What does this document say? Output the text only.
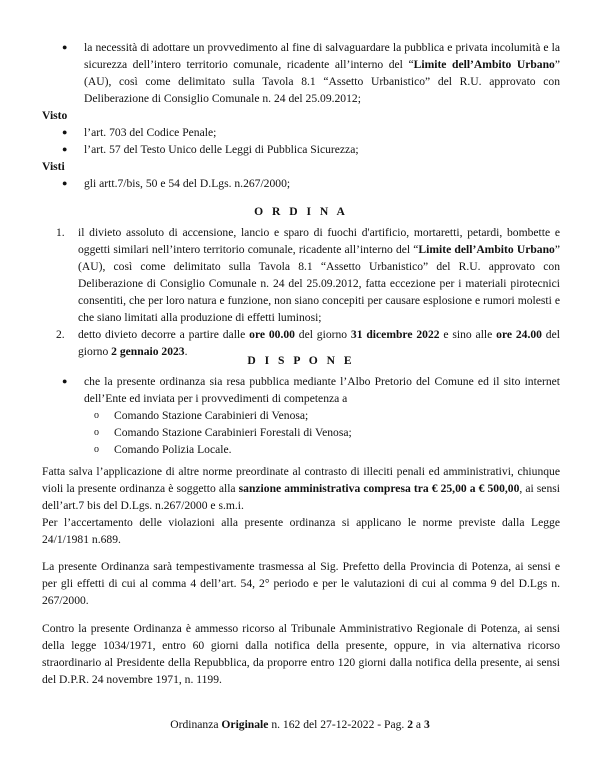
●	la necessità di adottare un provvedimento al fine di salvaguardare la pubblica e privata incolumità e la sicurezza dell’intero territorio comunale, ricadente all’interno del “Limite dell’Ambito Urbano” (AU), così come delimitato sulla Tavola 8.1 “Assetto Urbanistico” del R.U. approvato con Deliberazione di Consiglio Comunale n. 24 del 25.09.2012;
Visto
●	l’art. 703 del Codice Penale;
●	l’art. 57 del Testo Unico delle Leggi di Pubblica Sicurezza;
Visti
●	gli artt.7/bis, 50 e 54 del D.Lgs. n.267/2000;
O R D I N A
1.	il divieto assoluto di accensione, lancio e sparo di fuochi d'artificio, mortaretti, petardi, bombette e oggetti similari nell’intero territorio comunale, ricadente all’interno del “Limite dell’Ambito Urbano” (AU), così come delimitato sulla Tavola 8.1 “Assetto Urbanistico” del R.U. approvato con Deliberazione di Consiglio Comunale n. 24 del 25.09.2012, fatta eccezione per i materiali pirotecnici consentiti, che per loro natura e funzione, non siano concepiti per causare esplosione e rumori molesti e che siano limitati alla produzione di effetti luminosi;
2.	detto divieto decorre a partire dalle ore 00.00 del giorno 31 dicembre 2022 e sino alle ore 24.00 del giorno 2 gennaio 2023.
D I S P O N E
●	che la presente ordinanza sia resa pubblica mediante l’Albo Pretorio del Comune ed il sito internet dell’Ente ed inviata per i provvedimenti di competenza a
o	Comando Stazione Carabinieri di Venosa;
o	Comando Stazione Carabinieri Forestali di Venosa;
o	Comando Polizia Locale.
Fatta salva l’applicazione di altre norme preordinate al contrasto di illeciti penali ed amministrativi, chiunque violi la presente ordinanza è soggetto alla sanzione amministrativa compresa tra € 25,00 a € 500,00, ai sensi dell’art.7 bis del D.Lgs. n.267/2000 e s.m.i.
Per l’accertamento delle violazioni alla presente ordinanza si applicano le norme previste dalla Legge 24/1/1981 n.689.
La presente Ordinanza sarà tempestivamente trasmessa al Sig. Prefetto della Provincia di Potenza, ai sensi e per gli effetti di cui al comma 4 dell’art. 54, 2° periodo e per le valutazioni di cui al comma 9 del D.Lgs n. 267/2000.
Contro la presente Ordinanza è ammesso ricorso al Tribunale Amministrativo Regionale di Potenza, ai sensi della legge 1034/1971, entro 60 giorni dalla notifica della presente, oppure, in via alternativa ricorso straordinario al Presidente della Repubblica, da proporre entro 120 giorni dalla notifica della presente, ai sensi del D.P.R. 24 novembre 1971, n. 1199.
Ordinanza Originale n. 162 del 27-12-2022 - Pag. 2 a 3
